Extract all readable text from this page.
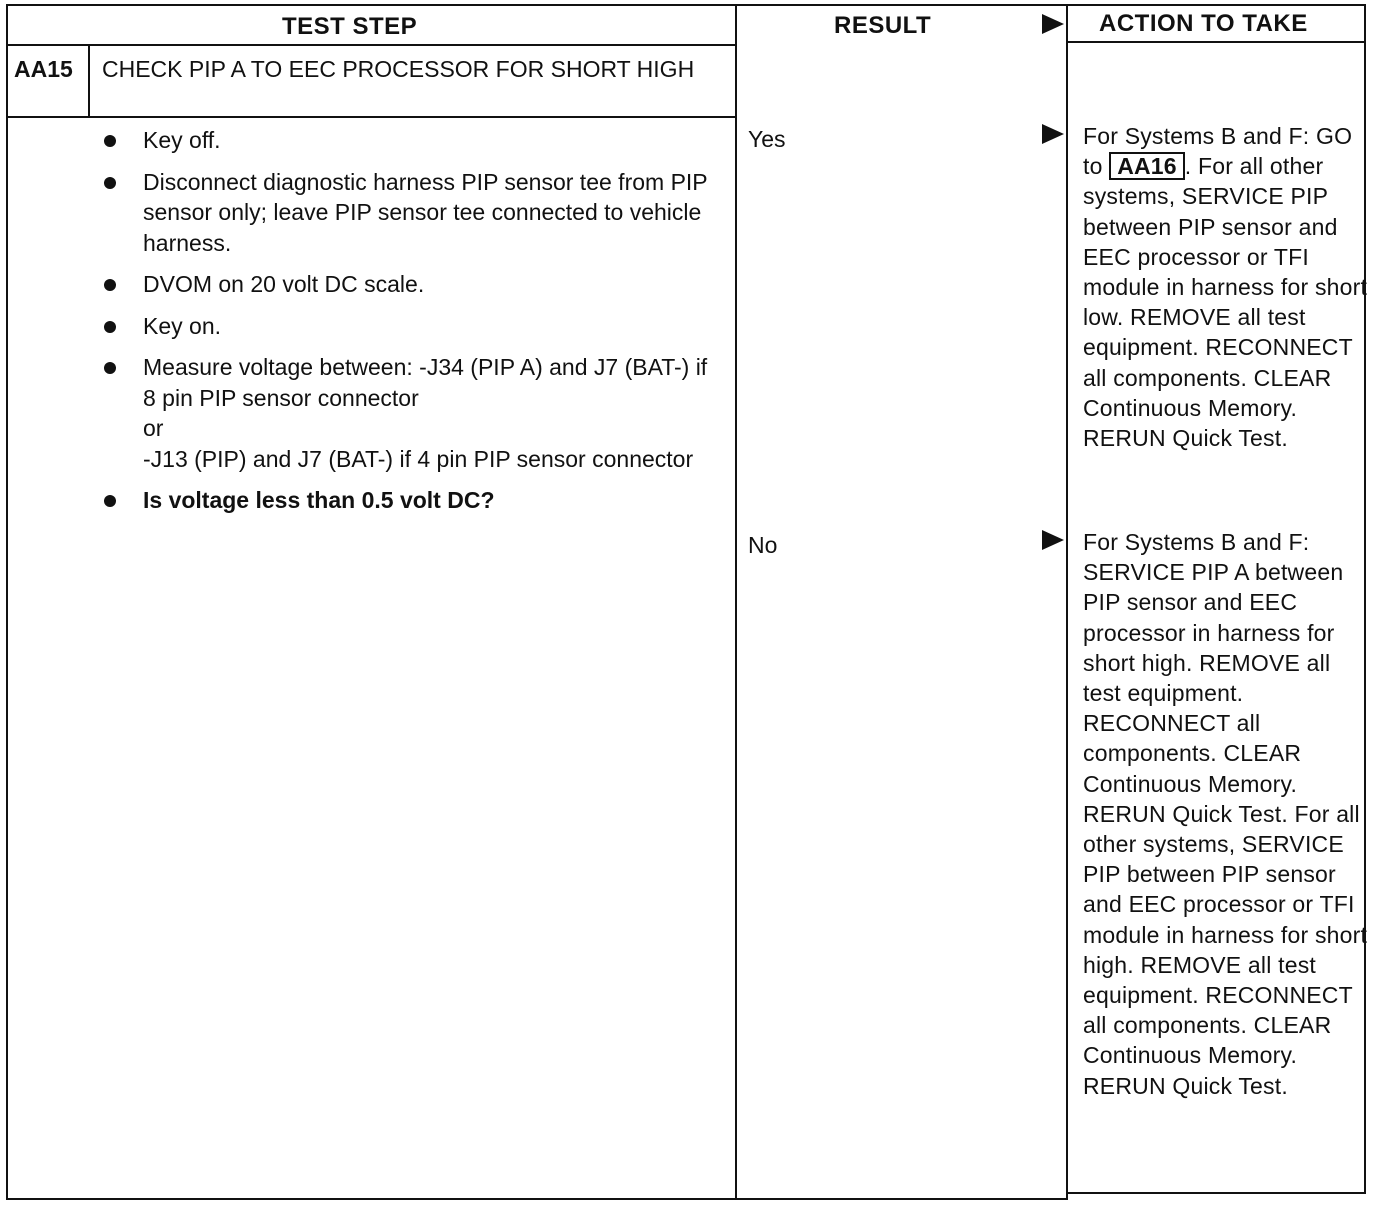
TEST STEP	RESULT	ACTION TO TAKE
AA15 CHECK PIP A TO EEC PROCESSOR FOR SHORT HIGH
Key off.
Disconnect diagnostic harness PIP sensor tee from PIP sensor only; leave PIP sensor tee connected to vehicle harness.
DVOM on 20 volt DC scale.
Key on.
Measure voltage between: -J34 (PIP A) and J7 (BAT-) if 8 pin PIP sensor connector
or
-J13 (PIP) and J7 (BAT-) if 4 pin PIP sensor connector
Is voltage less than 0.5 volt DC?
Yes	For Systems B and F: GO to AA16 . For all other systems, SERVICE PIP between PIP sensor and EEC processor or TFI module in harness for short low. REMOVE all test equipment. RECONNECT all components. CLEAR Continuous Memory. RERUN Quick Test.
No	For Systems B and F: SERVICE PIP A between PIP sensor and EEC processor in harness for short high. REMOVE all test equipment. RECONNECT all components. CLEAR Continuous Memory. RERUN Quick Test. For all other systems, SERVICE PIP between PIP sensor and EEC processor or TFI module in harness for short high. REMOVE all test equipment. RECONNECT all components. CLEAR Continuous Memory. RERUN Quick Test.
